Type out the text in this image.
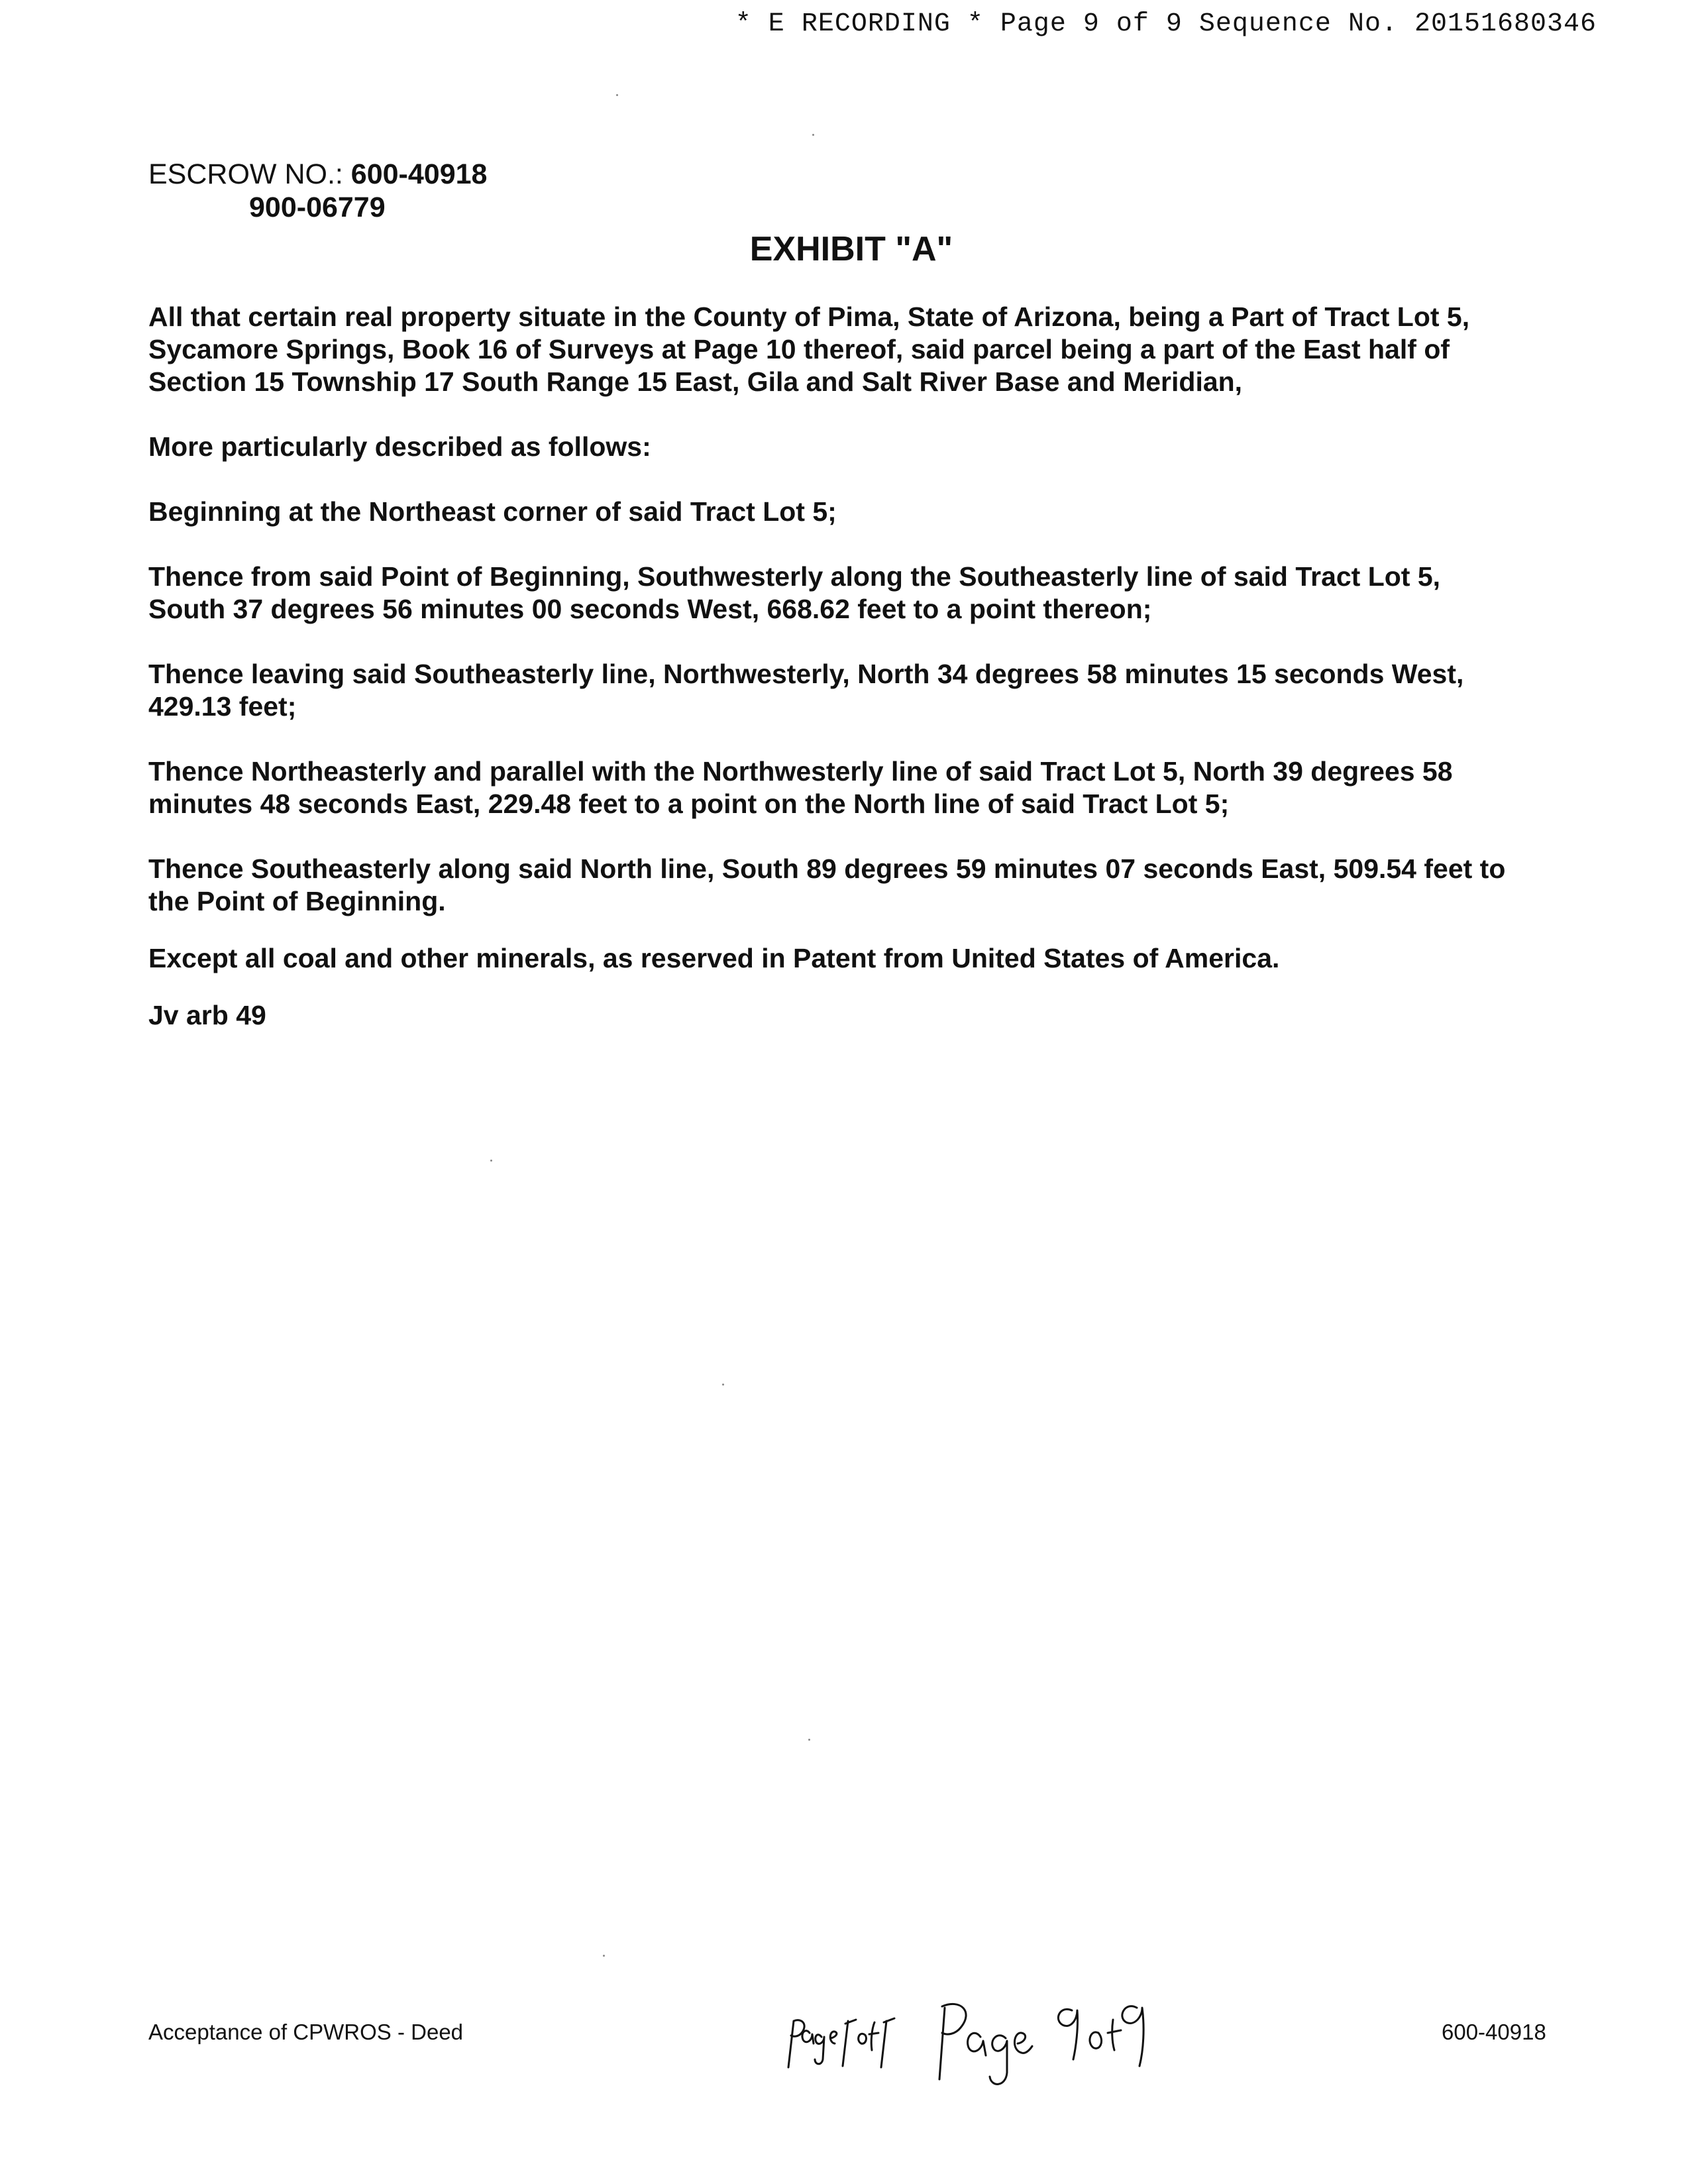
* E RECORDING * Page 9 of 9 Sequence No. 20151680346
ESCROW NO.: 600-40918
900-06779
EXHIBIT "A"

All that certain real property situate in the County of Pima, State of Arizona, being a Part of Tract Lot 5,
Sycamore Springs, Book 16 of Surveys at Page 10 thereof, said parcel being a part of the East half of
Section 15 Township 17 South Range 15 East, Gila and Salt River Base and Meridian,

More particularly described as follows:

Beginning at the Northeast corner of said Tract Lot 5;

Thence from said Point of Beginning, Southwesterly along the Southeasterly line of said Tract Lot 5,
South 37 degrees 56 minutes 00 seconds West, 668.62 feet to a point thereon;

Thence leaving said Southeasterly line, Northwesterly, North 34 degrees 58 minutes 15 seconds West,
429.13 feet;

Thence Northeasterly and parallel with the Northwesterly line of said Tract Lot 5, North 39 degrees 58
minutes 48 seconds East, 229.48 feet to a point on the North line of said Tract Lot 5;

Thence Southeasterly along said North line, South 89 degrees 59 minutes 07 seconds East, 509.54 feet to
the Point of Beginning.

Except all coal and other minerals, as reserved in Patent from United States of America.

Jv arb 49

Acceptance of CPWROS - Deed	600-40918
